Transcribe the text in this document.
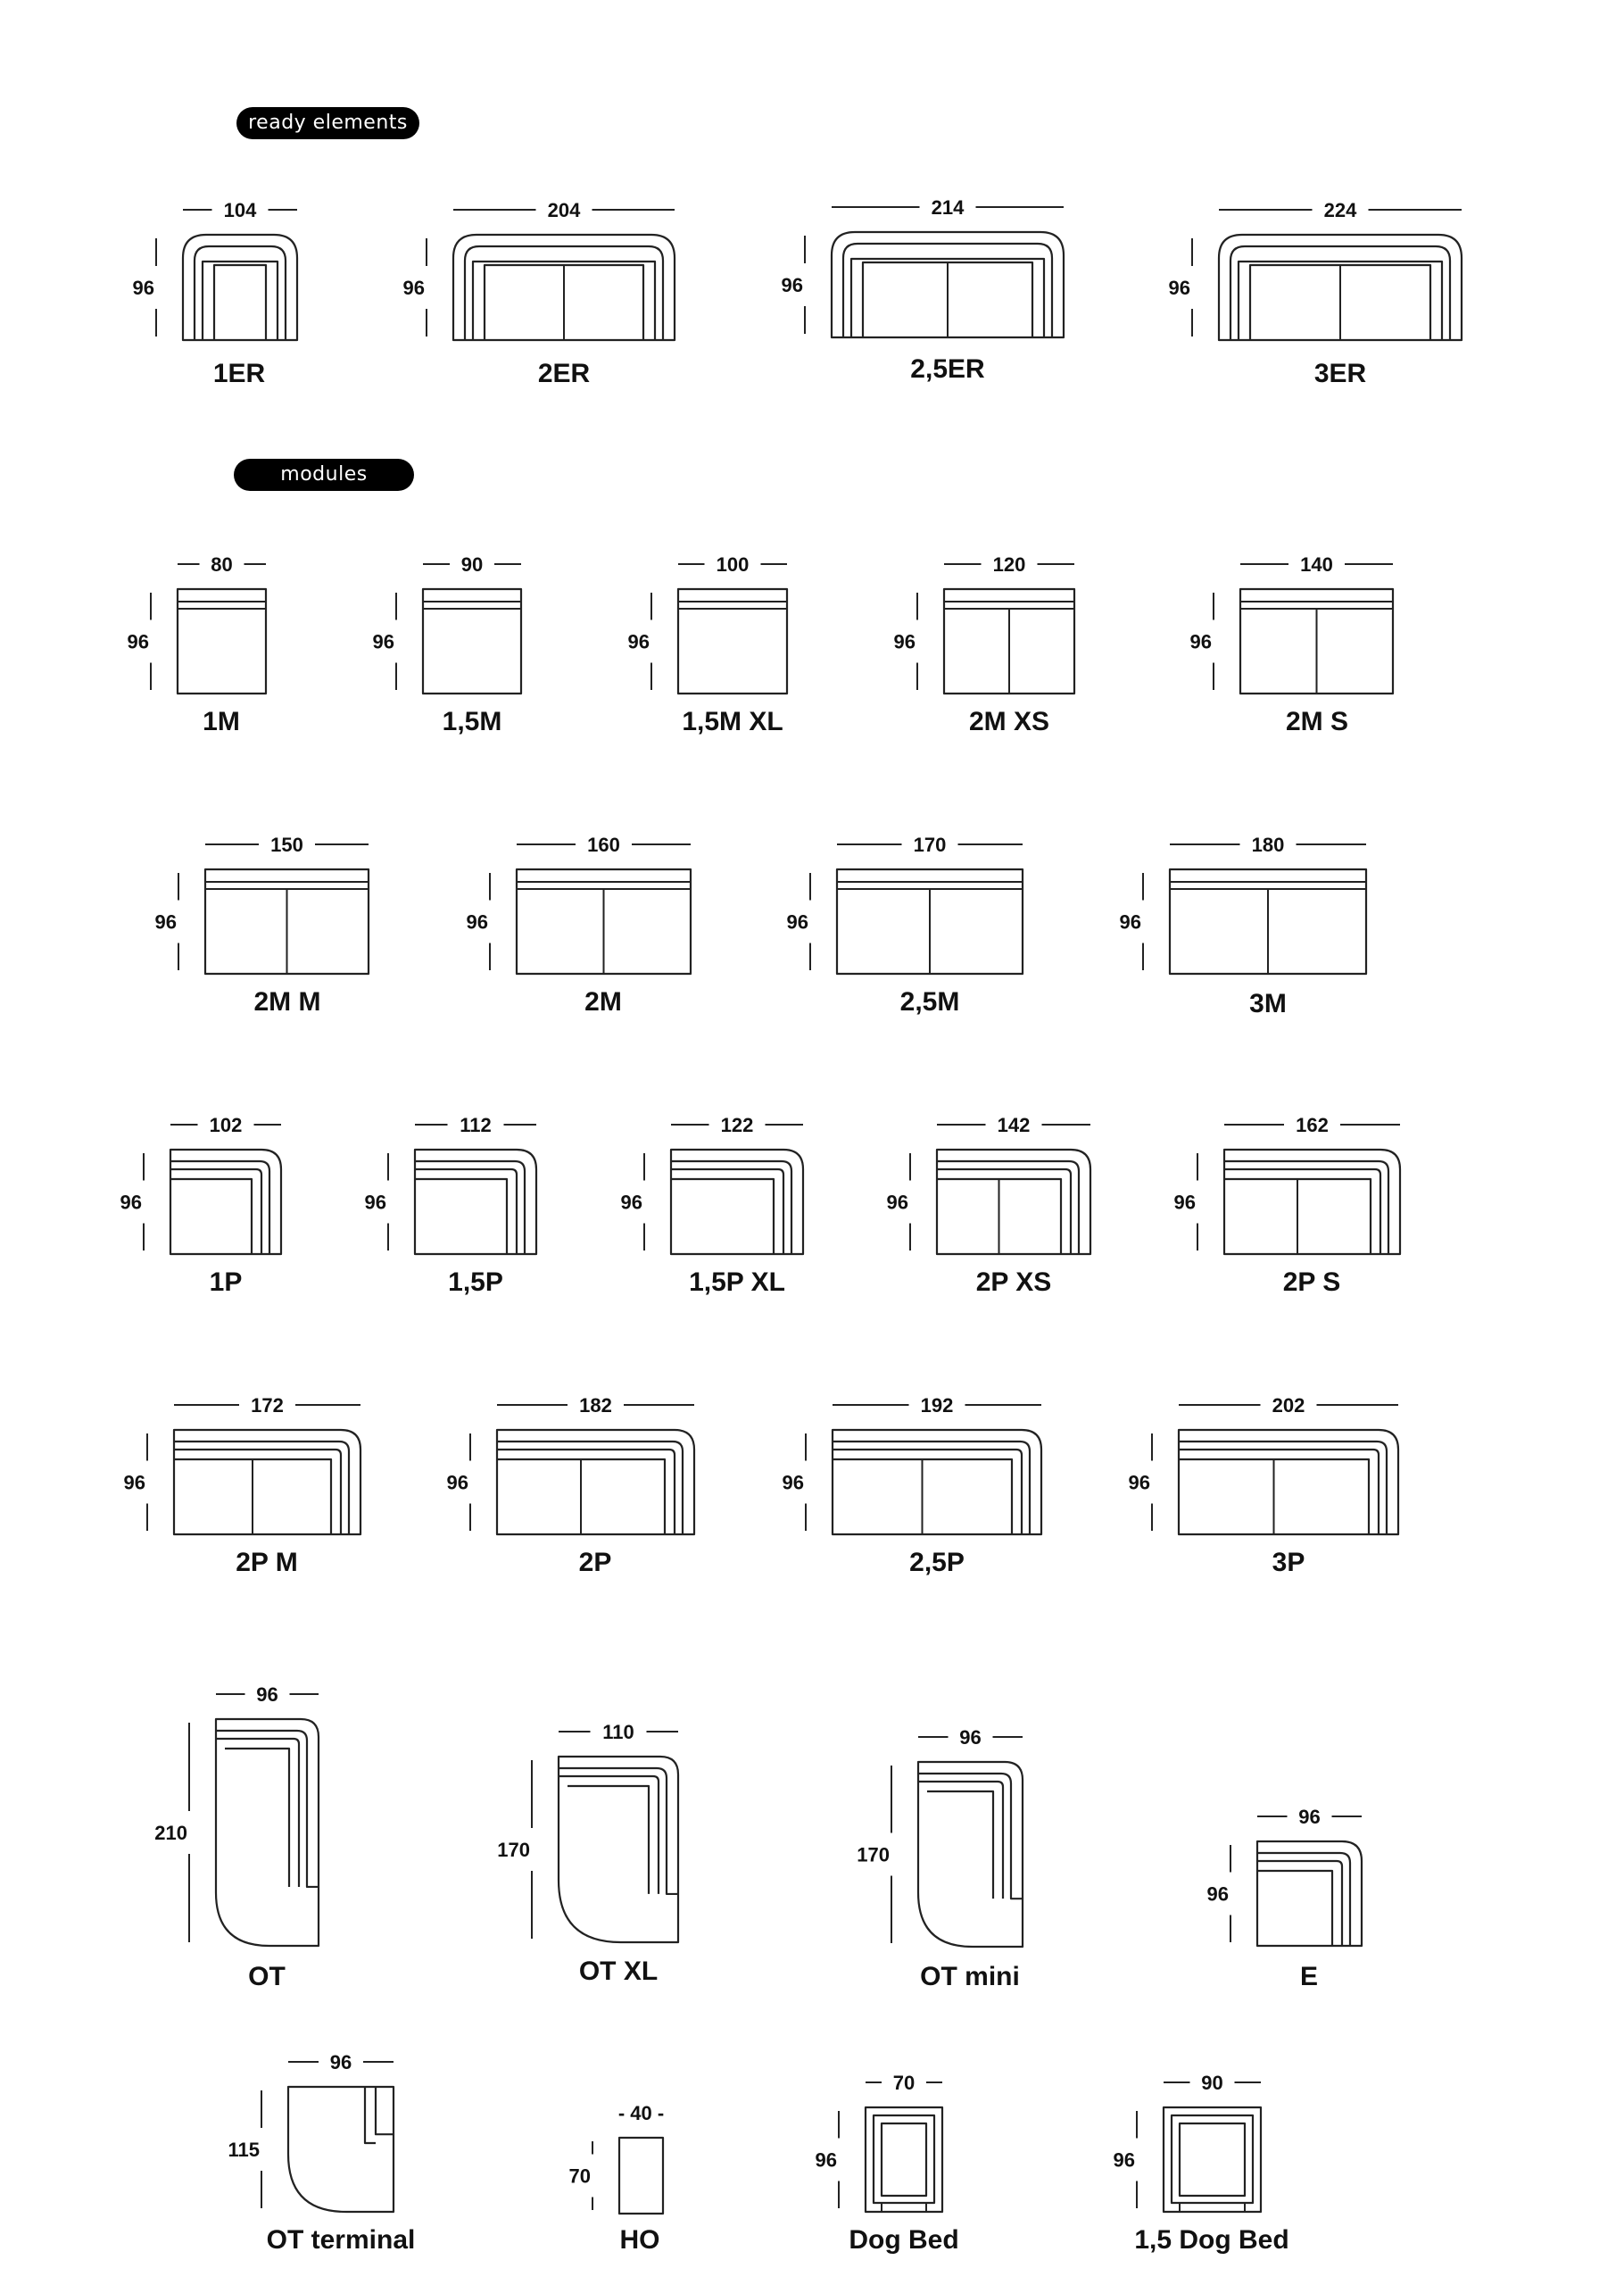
ready elements
modules
104
96
1ER
204
96
2ER
214
96
2,5ER
224
96
3ER
80
96
1M
90
96
1,5M
100
96
1,5M XL
120
96
2M XS
140
96
2M S
150
96
2M M
160
96
2M
170
96
2,5M
180
96
3M
102
96
1P
112
96
1,5P
122
96
1,5P XL
142
96
2P XS
162
96
2P S
172
96
2P M
182
96
2P
192
96
2,5P
202
96
3P
96
210
OT
110
170
OT XL
96
170
OT mini
96
96
E
96
115
OT terminal
- 40 -
70
HO
70
96
Dog Bed
90
96
1,5 Dog Bed
